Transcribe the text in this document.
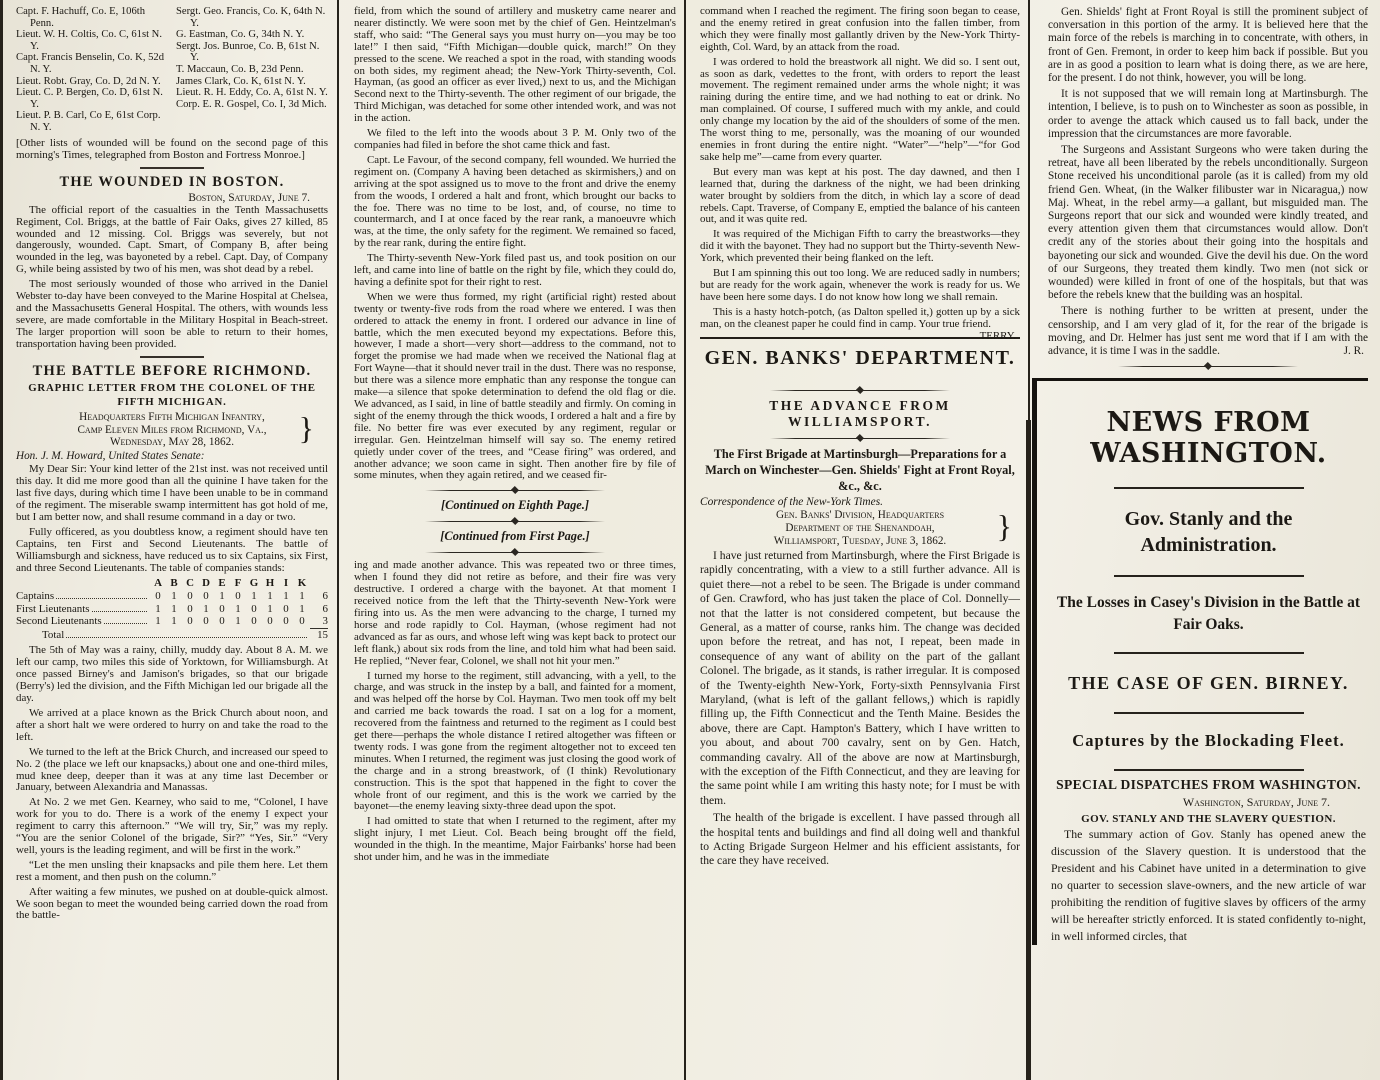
Capt. F. Hachuff, Co. E, 106th Penn.

Lieut. W. H. Coltis, Co. C, 61st N. Y.

Capt. Francis Benselin, Co. K, 52d N. Y.

Lieut. Robt. Gray, Co. D, 2d N. Y.

Lieut. C. P. Bergen, Co. D, 61st N. Y.

Lieut. P. B. Carl, Co E, 61st Corp. N. Y.

Sergt. Geo. Francis, Co. K, 64th N. Y.

G. Eastman, Co. G, 34th N. Y.

Sergt. Jos. Bunroe, Co. B, 61st N. Y.

T. Maccaun, Co. B, 23d Penn.

James Clark, Co. K, 61st N. Y.

Lieut. R. H. Eddy, Co. A, 61st N. Y.

Corp. E. R. Gospel, Co. I, 3d Mich.

[Other lists of wounded will be found on the second page of this morning's Times, telegraphed from Boston and Fortress Monroe.]

THE WOUNDED IN BOSTON.

Boston, Saturday, June 7.

The official report of the casualties in the Tenth Massachusetts Regiment, Col. Briggs, at the battle of Fair Oaks, gives 27 killed, 85 wounded and 12 missing. Col. Briggs was severely, but not dangerously, wounded. Capt. Smart, of Company B, after being wounded in the leg, was bayoneted by a rebel. Capt. Day, of Company G, while being assisted by two of his men, was shot dead by a rebel.

The most seriously wounded of those who arrived in the Daniel Webster to-day have been conveyed to the Marine Hospital at Chelsea, and the Massachusetts General Hospital. The others, with wounds less severe, are made comfortable in the Military Hospital in Beach-street. The larger proportion will soon be able to return to their homes, transportation having been provided.

THE BATTLE BEFORE RICHMOND.

GRAPHIC LETTER FROM THE COLONEL OF THE FIFTH MICHIGAN.

Headquarters Fifth Michigan Infantry,

Camp Eleven Miles from Richmond, Va.,

Wednesday, May 28, 1862.	}

Hon. J. M. Howard, United States Senate:

My Dear Sir: Your kind letter of the 21st inst. was not received until this day. It did me more good than all the quinine I have taken for the last five days, during which time I have been unable to be in command of the regiment. The miserable swamp intermittent has got hold of me, but I am better now, and shall resume command in a day or two.

Fully officered, as you doubtless know, a regiment should have ten Captains, ten First and Second Lieutenants. The battle of Williamsburgh and sickness, have reduced us to six Captains, six First, and three Second Lieutenants. The table of companies stands:

A B C D E F G H I K
Captains	0 1 0 0 1 0 1 1 1 1	6
First Lieutenants	1 1 0 1 0 1 0 1 0 1	6
Second Lieutenants	1 1 0 0 0 1 0 0 0 0	3
Total	15

The 5th of May was a rainy, chilly, muddy day. About 8 A. M. we left our camp, two miles this side of Yorktown, for Williamsburgh. At once passed Birney's and Jamison's brigades, so that our brigade (Berry's) led the division, and the Fifth Michigan led our brigade all the day.

We arrived at a place known as the Brick Church about noon, and after a short halt we were ordered to hurry on and take the road to the left.

We turned to the left at the Brick Church, and increased our speed to No. 2 (the place we left our knapsacks,) about one and one-third miles, mud knee deep, deeper than it was at any time last December or January, between Alexandria and Manassas.

At No. 2 we met Gen. Kearney, who said to me, “Colonel, I have work for you to do. There is a work of the enemy I expect your regiment to carry this afternoon.” “We will try, Sir,” was my reply. “You are the senior Colonel of the brigade, Sir?” “Yes, Sir.” “Very well, yours is the leading regiment, and will be first in the work.”

“Let the men unsling their knapsacks and pile them here. Let them rest a moment, and then push on the column.”

After waiting a few minutes, we pushed on at double-quick almost. We soon began to meet the wounded being carried down the road from the battle-

field, from which the sound of artillery and musketry came nearer and nearer distinctly. We were soon met by the chief of Gen. Heintzelman's staff, who said: “The General says you must hurry on—you may be too late!” I then said, “Fifth Michigan—double quick, march!” On they pressed to the scene. We reached a spot in the road, with standing woods on both sides, my regiment ahead; the New-York Thirty-seventh, Col. Hayman, (as good an officer as ever lived,) next to us, and the Michigan Second next to the Thirty-seventh. The other regiment of our brigade, the Third Michigan, was detached for some other intended work, and was not in the action.

We filed to the left into the woods about 3 P. M. Only two of the companies had filed in before the shot came thick and fast.

Capt. Le Favour, of the second company, fell wounded. We hurried the regiment on. (Company A having been detached as skirmishers,) and on arriving at the spot assigned us to move to the front and drive the enemy from the woods, I ordered a halt and front, which brought our backs to the foe. There was no time to be lost, and, of course, no time to countermarch, and I at once faced by the rear rank, a manoeuvre which was, at the time, the only safety for the regiment. We remained so faced, by the rear rank, during the entire fight.

The Thirty-seventh New-York filed past us, and took position on our left, and came into line of battle on the right by file, which they could do, having a definite spot for their right to rest.

When we were thus formed, my right (artificial right) rested about twenty or twenty-five rods from the road where we entered. I was then ordered to attack the enemy in front. I ordered our advance in line of battle, which the men executed beyond my expectations. Before this, however, I made a short—very short—address to the command, not to forget the promise we had made when we received the National flag at Fort Wayne—that it should never trail in the dust. There was no response, but there was a silence more emphatic than any response the tongue can make—a silence that spoke determination to defend the old flag or die. We advanced, as I said, in line of battle steadily and firmly. On coming in sight of the enemy through the thick woods, I ordered a halt and a fire by file. No better fire was ever executed by any regiment, regular or irregular. Gen. Heintzelman himself will say so. The enemy retired quietly under cover of the trees, and “Cease firing” was ordered, and another advance; we soon came in sight. Then another fire by file of some minutes, when they again retired, and we ceased fir-

[Continued on Eighth Page.]

[Continued from First Page.]

ing and made another advance. This was repeated two or three times, when I found they did not retire as before, and their fire was very destructive. I ordered a charge with the bayonet. At that moment I received notice from the left that the Thirty-seventh New-York were firing into us. As the men were advancing to the charge, I turned my horse and rode rapidly to Col. Hayman, (whose regiment had not advanced as far as ours, and whose left wing was kept back to protect our left flank,) about six rods from the line, and told him what had been said. He replied, “Never fear, Colonel, we shall not hit your men.”

I turned my horse to the regiment, still advancing, with a yell, to the charge, and was struck in the instep by a ball, and fainted for a moment, and was helped off the horse by Col. Hayman. Two men took off my belt and carried me back towards the road. I sat on a log for a moment, recovered from the faintness and returned to the regiment as I could best get there—perhaps the whole distance I retired altogether was fifteen or twenty rods. I was gone from the regiment altogether not to exceed ten minutes. When I returned, the regiment was just closing the good work of the charge and in a strong breastwork, of (I think) Revolutionary construction. This is the spot that happened in the fight to cover the whole front of our regiment, and this is the work we carried by the bayonet—the enemy leaving sixty-three dead upon the spot.

I had omitted to state that when I returned to the regiment, after my slight injury, I met Lieut. Col. Beach being brought off the field, wounded in the thigh. In the meantime, Major Fairbanks' horse had been shot under him, and he was in the immediate

command when I reached the regiment. The firing soon began to cease, and the enemy retired in great confusion into the fallen timber, from which they were finally most gallantly driven by the New-York Thirty-eighth, Col. Ward, by an attack from the road.

I was ordered to hold the breastwork all night. We did so. I sent out, as soon as dark, vedettes to the front, with orders to report the least movement. The regiment remained under arms the whole night; it was raining during the entire time, and we had nothing to eat or drink. No man complained. Of course, I suffered much with my ankle, and could only change my location by the aid of the shoulders of some of the men. The worst thing to me, personally, was the moaning of our wounded enemies in front during the entire night. “Water”—“help”—“for God sake help me”—came from every quarter.

But every man was kept at his post. The day dawned, and then I learned that, during the darkness of the night, we had been drinking water brought by soldiers from the ditch, in which lay a score of dead rebels. Capt. Traverse, of Company E, emptied the balance of his canteen out, and it was quite red.

It was required of the Michigan Fifth to carry the breastworks—they did it with the bayonet. They had no support but the Thirty-seventh New-York, which prevented their being flanked on the left.

But I am spinning this out too long. We are reduced sadly in numbers; but are ready for the work again, whenever the work is ready for us. We have been here some days. I do not know how long we shall remain.

This is a hasty hotch-potch, (as Dalton spelled it,) gotten up by a sick man, on the cleanest paper he could find in camp. Your true friend.
TERRY.

GEN. BANKS' DEPARTMENT.

THE ADVANCE FROM WILLIAMSPORT.

The First Brigade at Martinsburgh—Preparations for a March on Winchester—Gen. Shields' Fight at Front Royal, &c., &c.

Correspondence of the New-York Times.

Gen. Banks' Division, Headquarters

Department of the Shenandoah,

Williamsport, Tuesday, June 3, 1862.	}

I have just returned from Martinsburgh, where the First Brigade is rapidly concentrating, with a view to a still further advance. All is quiet there—not a rebel to be seen. The Brigade is under command of Gen. Crawford, who has just taken the place of Col. Donnelly—not that the latter is not considered competent, but because the General, as a matter of course, ranks him. The change was decided upon before the retreat, and has not, I repeat, been made in consequence of any want of ability on the part of the gallant Colonel. The brigade, as it stands, is rather irregular. It is composed of the Twenty-eighth New-York, Forty-sixth Pennsylvania First Maryland, (what is left of the gallant fellows,) which is rapidly filling up, the Fifth Connecticut and the Tenth Maine. Besides the above, there are Capt. Hampton's Battery, which I have written to you about, and about 700 cavalry, sent on by Gen. Hatch, commanding cavalry. All of the above are now at Martinsburgh, with the exception of the Fifth Connecticut, and they are leaving for the same point while I am writing this hasty note; for I must be with them.

The health of the brigade is excellent. I have passed through all the hospital tents and buildings and find all doing well and thankful to Acting Brigade Surgeon Helmer and his efficient assistants, for the care they have received.

Gen. Shields' fight at Front Royal is still the prominent subject of conversation in this portion of the army. It is believed here that the main force of the rebels is marching in to concentrate, with others, in front of Gen. Fremont, in order to keep him back if possible. But you are in as good a position to learn what is doing there, as we are here, for the present. I do not think, however, you will be long.

It is not supposed that we will remain long at Martinsburgh. The intention, I believe, is to push on to Winchester as soon as possible, in order to avenge the attack which caused us to fall back, under the impression that the circumstances are more favorable.

The Surgeons and Assistant Surgeons who were taken during the retreat, have all been liberated by the rebels unconditionally. Surgeon Stone received his unconditional parole (as it is called) from my old friend Gen. Wheat, (in the Walker filibuster war in Nicaragua,) now Maj. Wheat, in the rebel army—a gallant, but misguided man. The Surgeons report that our sick and wounded were kindly treated, and every attention given them that circumstances would allow. Don't credit any of the stories about their going into the hospitals and bayoneting our sick and wounded. Give the devil his due. On the word of our Surgeons, they treated them kindly. Two men (not sick or wounded) were killed in front of one of the hospitals, but that was before the rebels knew that the building was an hospital.

There is nothing further to be written at present, under the censorship, and I am very glad of it, for the rear of the brigade is moving, and Dr. Helmer has just sent me word that if I am with the advance, it is time I was in the saddle.	J. R.

NEWS FROM WASHINGTON.
Gov. Stanly and the Administration.
The Losses in Casey's Division in the Battle at Fair Oaks.
THE CASE OF GEN. BIRNEY.
Captures by the Blockading Fleet.

SPECIAL DISPATCHES FROM WASHINGTON.

Washington, Saturday, June 7.

GOV. STANLY AND THE SLAVERY QUESTION.

The summary action of Gov. Stanly has opened anew the discussion of the Slavery question. It is understood that the President and his Cabinet have united in a determination to give no quarter to secession slave-owners, and the new article of war prohibiting the rendition of fugitive slaves by officers of the army will be hereafter strictly enforced. It is stated confidently to-night, in well informed circles, that
